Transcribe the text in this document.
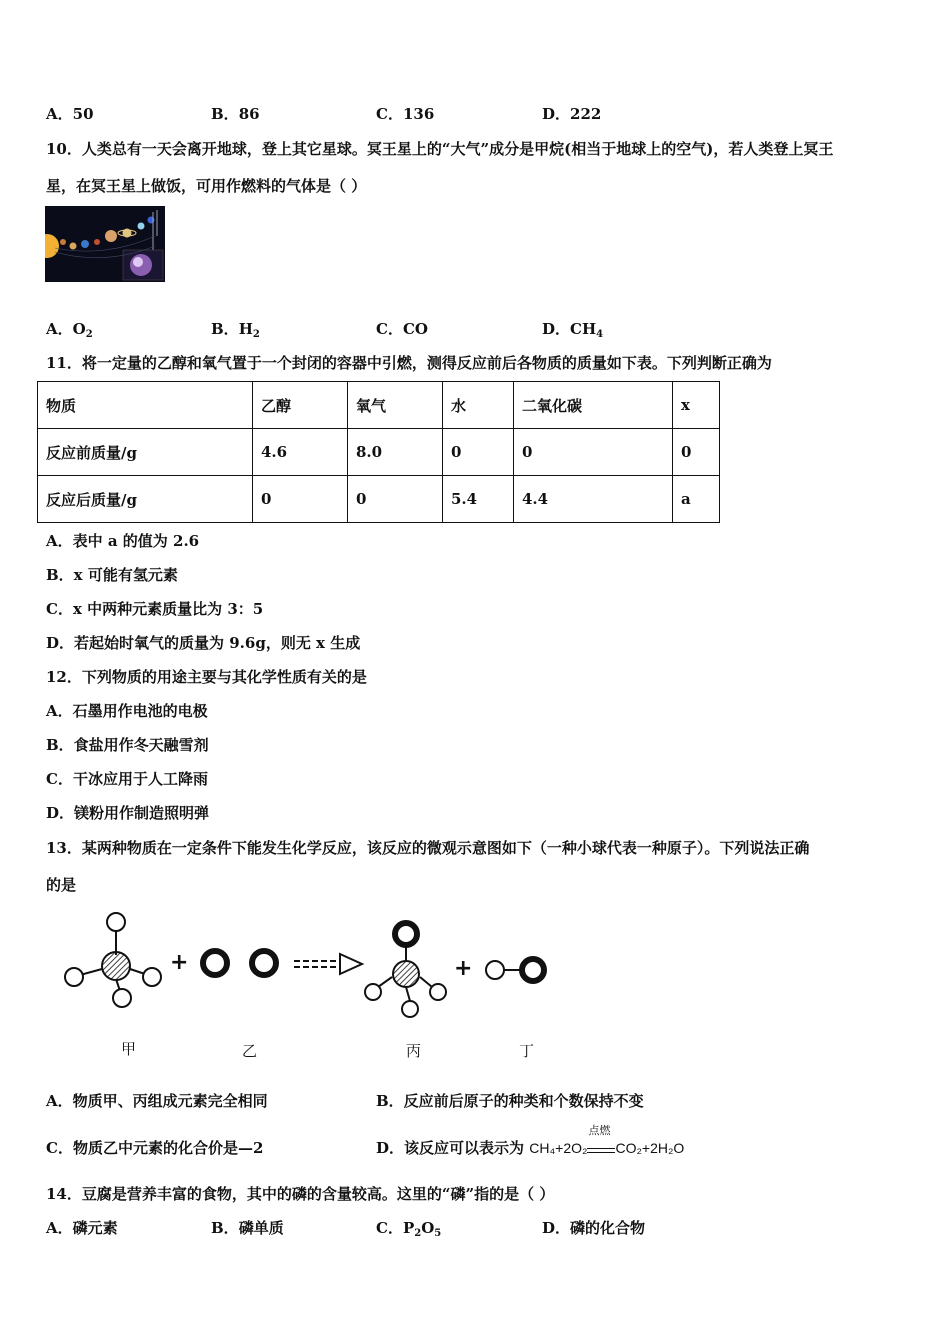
A．50	B．86	C．136	D．222
10．人类总有一天会离开地球，登上其它星球。冥王星上的“大气”成分是甲烷(相当于地球上的空气)，若人类登上冥王
星，在冥王星上做饭，可用作燃料的气体是（ ）
A．$O_2$	B．$H_2$	C．CO	D．$CH_4$
11．将一定量的乙醇和氧气置于一个封闭的容器中引燃，测得反应前后各物质的质量如下表。下列判断正确为
物质	乙醇	氧气	水	二氧化碳	x
反应前质量/g	4.6	8.0	0	0	0
反应后质量/g	0	0	5.4	4.4	a
A．表中 a 的值为 2.6
B．x 可能有氢元素
C．x 中两种元素质量比为 3：5
D．若起始时氧气的质量为 9.6g，则无 x 生成
12．下列物质的用途主要与其化学性质有关的是
A．石墨用作电池的电极
B．食盐用作冬天融雪剂
C．干冰应用于人工降雨
D．镁粉用作制造照明弹
13．某两种物质在一定条件下能发生化学反应，该反应的微观示意图如下（一种小球代表一种原子）。下列说法正确
的是
+	+
甲	乙	丙	丁
A．物质甲、丙组成元素完全相同	B．反应前后原子的种类和个数保持不变
C．物质乙中元素的化合价是—2	D．该反应可以表示为 CH₄+2O₂
点燃
CO₂+2H₂O
14．豆腐是营养丰富的食物，其中的磷的含量较高。这里的“磷”指的是（ ）
A．磷元素	B．磷单质	C．$P_2O_5$	D．磷的化合物
